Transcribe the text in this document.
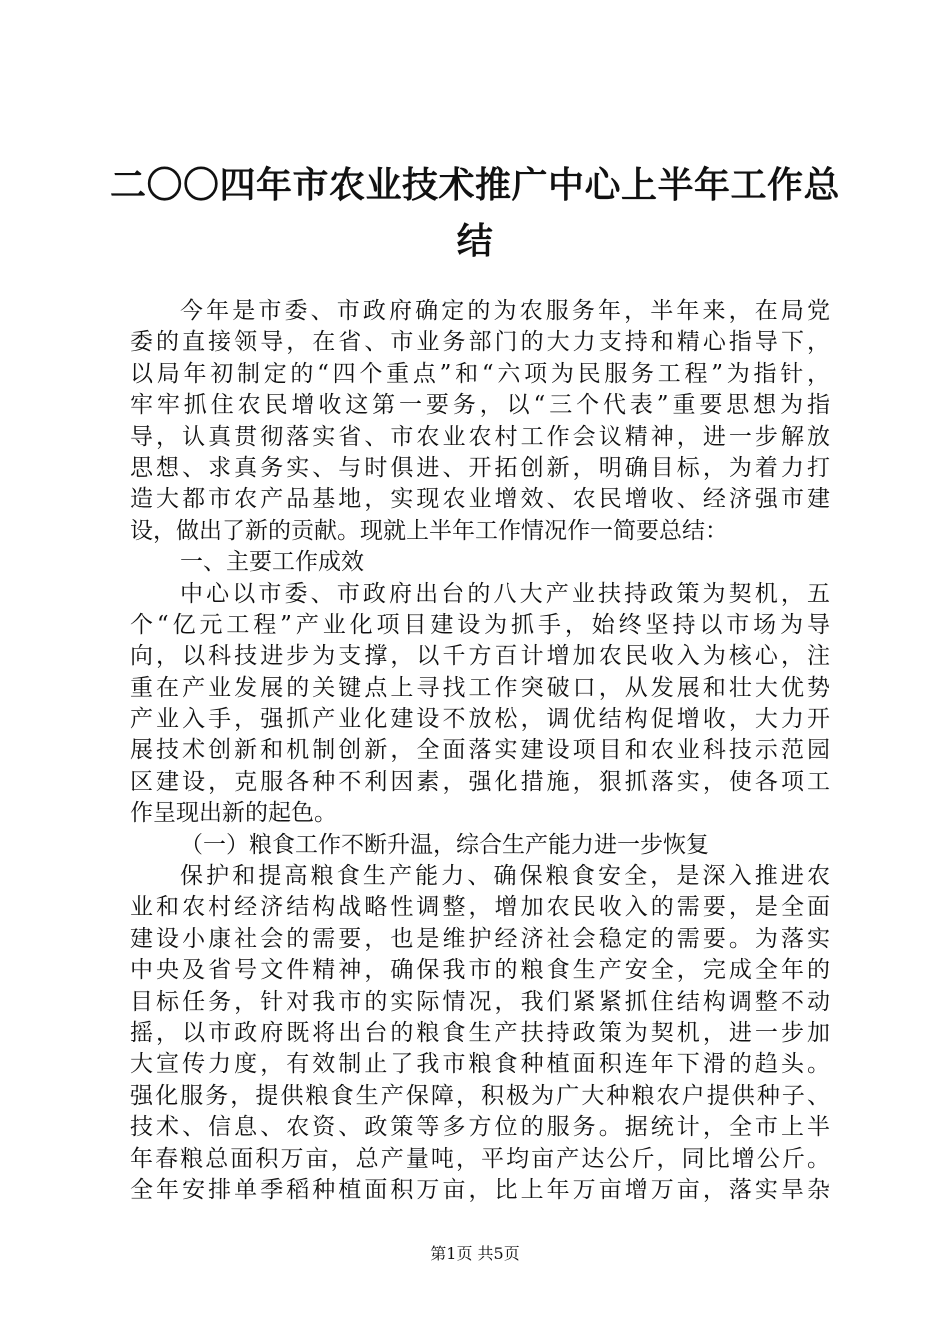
二〇〇四年市农业技术推广中心上半年工作总
结
今年是市委、市政府确定的为农服务年，半年来，在局党
委的直接领导，在省、市业务部门的大力支持和精心指导下，
以局年初制定的“四个重点”和“六项为民服务工程”为指针，
牢牢抓住农民增收这第一要务，以“三个代表”重要思想为指
导，认真贯彻落实省、市农业农村工作会议精神，进一步解放
思想、求真务实、与时俱进、开拓创新，明确目标，为着力打
造大都市农产品基地，实现农业增效、农民增收、经济强市建
设，做出了新的贡献。现就上半年工作情况作一简要总结：
一、主要工作成效
中心以市委、市政府出台的八大产业扶持政策为契机，五
个“亿元工程”产业化项目建设为抓手，始终坚持以市场为导
向，以科技进步为支撑，以千方百计增加农民收入为核心，注
重在产业发展的关键点上寻找工作突破口，从发展和壮大优势
产业入手，强抓产业化建设不放松，调优结构促增收，大力开
展技术创新和机制创新，全面落实建设项目和农业科技示范园
区建设，克服各种不利因素，强化措施，狠抓落实，使各项工
作呈现出新的起色。
（一）粮食工作不断升温，综合生产能力进一步恢复
保护和提高粮食生产能力、确保粮食安全，是深入推进农
业和农村经济结构战略性调整，增加农民收入的需要，是全面
建设小康社会的需要，也是维护经济社会稳定的需要。为落实
中央及省号文件精神，确保我市的粮食生产安全，完成全年的
目标任务，针对我市的实际情况，我们紧紧抓住结构调整不动
摇，以市政府既将出台的粮食生产扶持政策为契机，进一步加
大宣传力度，有效制止了我市粮食种植面积连年下滑的趋头。
强化服务，提供粮食生产保障，积极为广大种粮农户提供种子、
技术、信息、农资、政策等多方位的服务。据统计，全市上半
年春粮总面积万亩，总产量吨，平均亩产达公斤，同比增公斤。
全年安排单季稻种植面积万亩，比上年万亩增万亩，落实旱杂
第1页 共5页
